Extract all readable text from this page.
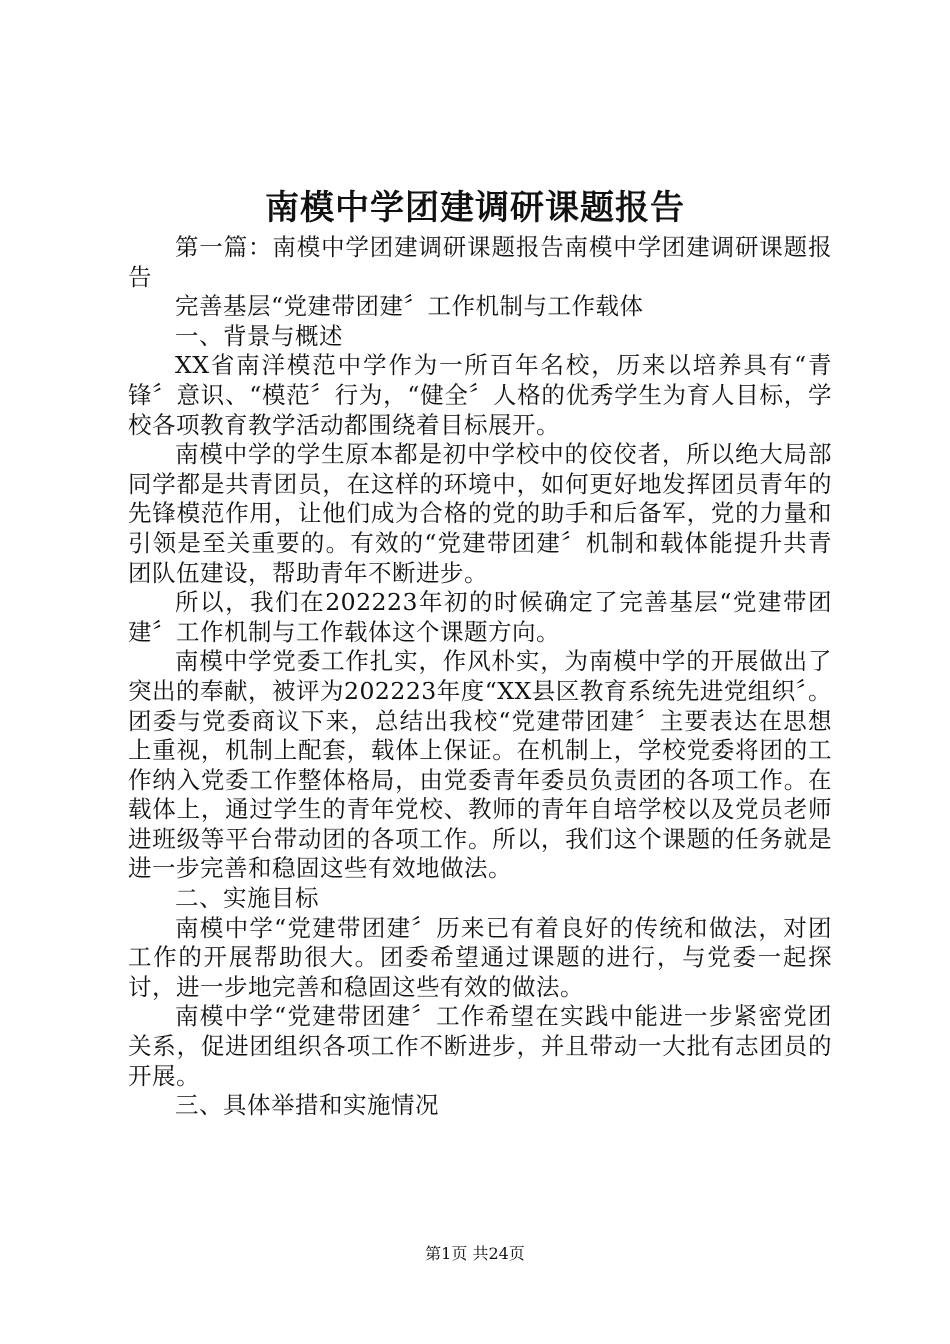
南模中学团建调研课题报告

第一篇：南模中学团建调研课题报告南模中学团建调研课题报告

完善基层“党建带团建〞工作机制与工作载体

一、背景与概述

XX省南洋模范中学作为一所百年名校，历来以培养具有“青锋〞意识、“模范〞行为，“健全〞人格的优秀学生为育人目标，学校各项教育教学活动都围绕着目标展开。

南模中学的学生原本都是初中学校中的佼佼者，所以绝大局部同学都是共青团员，在这样的环境中，如何更好地发挥团员青年的先锋模范作用，让他们成为合格的党的助手和后备军，党的力量和引领是至关重要的。有效的“党建带团建〞机制和载体能提升共青团队伍建设，帮助青年不断进步。

所以，我们在202223年初的时候确定了完善基层“党建带团建〞工作机制与工作载体这个课题方向。

南模中学党委工作扎实，作风朴实，为南模中学的开展做出了突出的奉献，被评为202223年度“XX县区教育系统先进党组织〞。团委与党委商议下来，总结出我校“党建带团建〞主要表达在思想上重视，机制上配套，载体上保证。在机制上，学校党委将团的工作纳入党委工作整体格局，由党委青年委员负责团的各项工作。在载体上，通过学生的青年党校、教师的青年自培学校以及党员老师进班级等平台带动团的各项工作。所以，我们这个课题的任务就是进一步完善和稳固这些有效地做法。

二、实施目标

南模中学“党建带团建〞历来已有着良好的传统和做法，对团工作的开展帮助很大。团委希望通过课题的进行，与党委一起探讨，进一步地完善和稳固这些有效的做法。

南模中学“党建带团建〞工作希望在实践中能进一步紧密党团关系，促进团组织各项工作不断进步，并且带动一大批有志团员的开展。

三、具体举措和实施情况

第1页 共24页
